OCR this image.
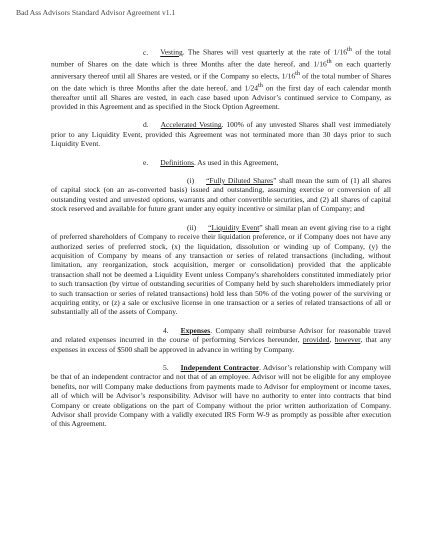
Bad Ass Advisors Standard Advisor Agreement v1.1

c. Vesting. The Shares will vest quarterly at the rate of 1/16th of the total number of Shares on the date which is three Months after the date hereof, and 1/16th on each quarterly anniversary thereof until all Shares are vested, or if the Company so elects, 1/16th of the total number of Shares on the date which is three Months after the date hereof, and 1/24th on the first day of each calendar month thereafter until all Shares are vested, in each case based upon Advisor’s continued service to Company, as provided in this Agreement and as specified in the Stock Option Agreement.

d. Accelerated Vesting. 100% of any unvested Shares shall vest immediately prior to any Liquidity Event, provided this Agreement was not terminated more than 30 days prior to such Liquidity Event.

e. Definitions. As used in this Agreement,

(i) “Fully Diluted Shares” shall mean the sum of (1) all shares of capital stock (on an as-converted basis) issued and outstanding, assuming exercise or conversion of all outstanding vested and unvested options, warrants and other convertible securities, and (2) all shares of capital stock reserved and available for future grant under any equity incentive or similar plan of Company; and

(ii) “Liquidity Event” shall mean an event giving rise to a right of preferred shareholders of Company to receive their liquidation preference, or if Company does not have any authorized series of preferred stock, (x) the liquidation, dissolution or winding up of Company, (y) the acquisition of Company by means of any transaction or series of related transactions (including, without limitation, any reorganization, stock acquisition, merger or consolidation) provided that the applicable transaction shall not be deemed a Liquidity Event unless Company's shareholders constituted immediately prior to such transaction (by virtue of outstanding securities of Company held by such shareholders immediately prior to such transaction or series of related transactions) hold less than 50% of the voting power of the surviving or acquiring entity, or (z) a sale or exclusive license in one transaction or a series of related transactions of all or substantially all of the assets of Company.

4. Expenses. Company shall reimburse Advisor for reasonable travel and related expenses incurred in the course of performing Services hereunder, provided, however, that any expenses in excess of $500 shall be approved in advance in writing by Company.

5. Independent Contractor. Advisor’s relationship with Company will be that of an independent contractor and not that of an employee. Advisor will not be eligible for any employee benefits, nor will Company make deductions from payments made to Advisor for employment or income taxes, all of which will be Advisor’s responsibility. Advisor will have no authority to enter into contracts that bind Company or create obligations on the part of Company without the prior written authorization of Company. Advisor shall provide Company with a validly executed IRS Form W-9 as promptly as possible after execution of this Agreement.
